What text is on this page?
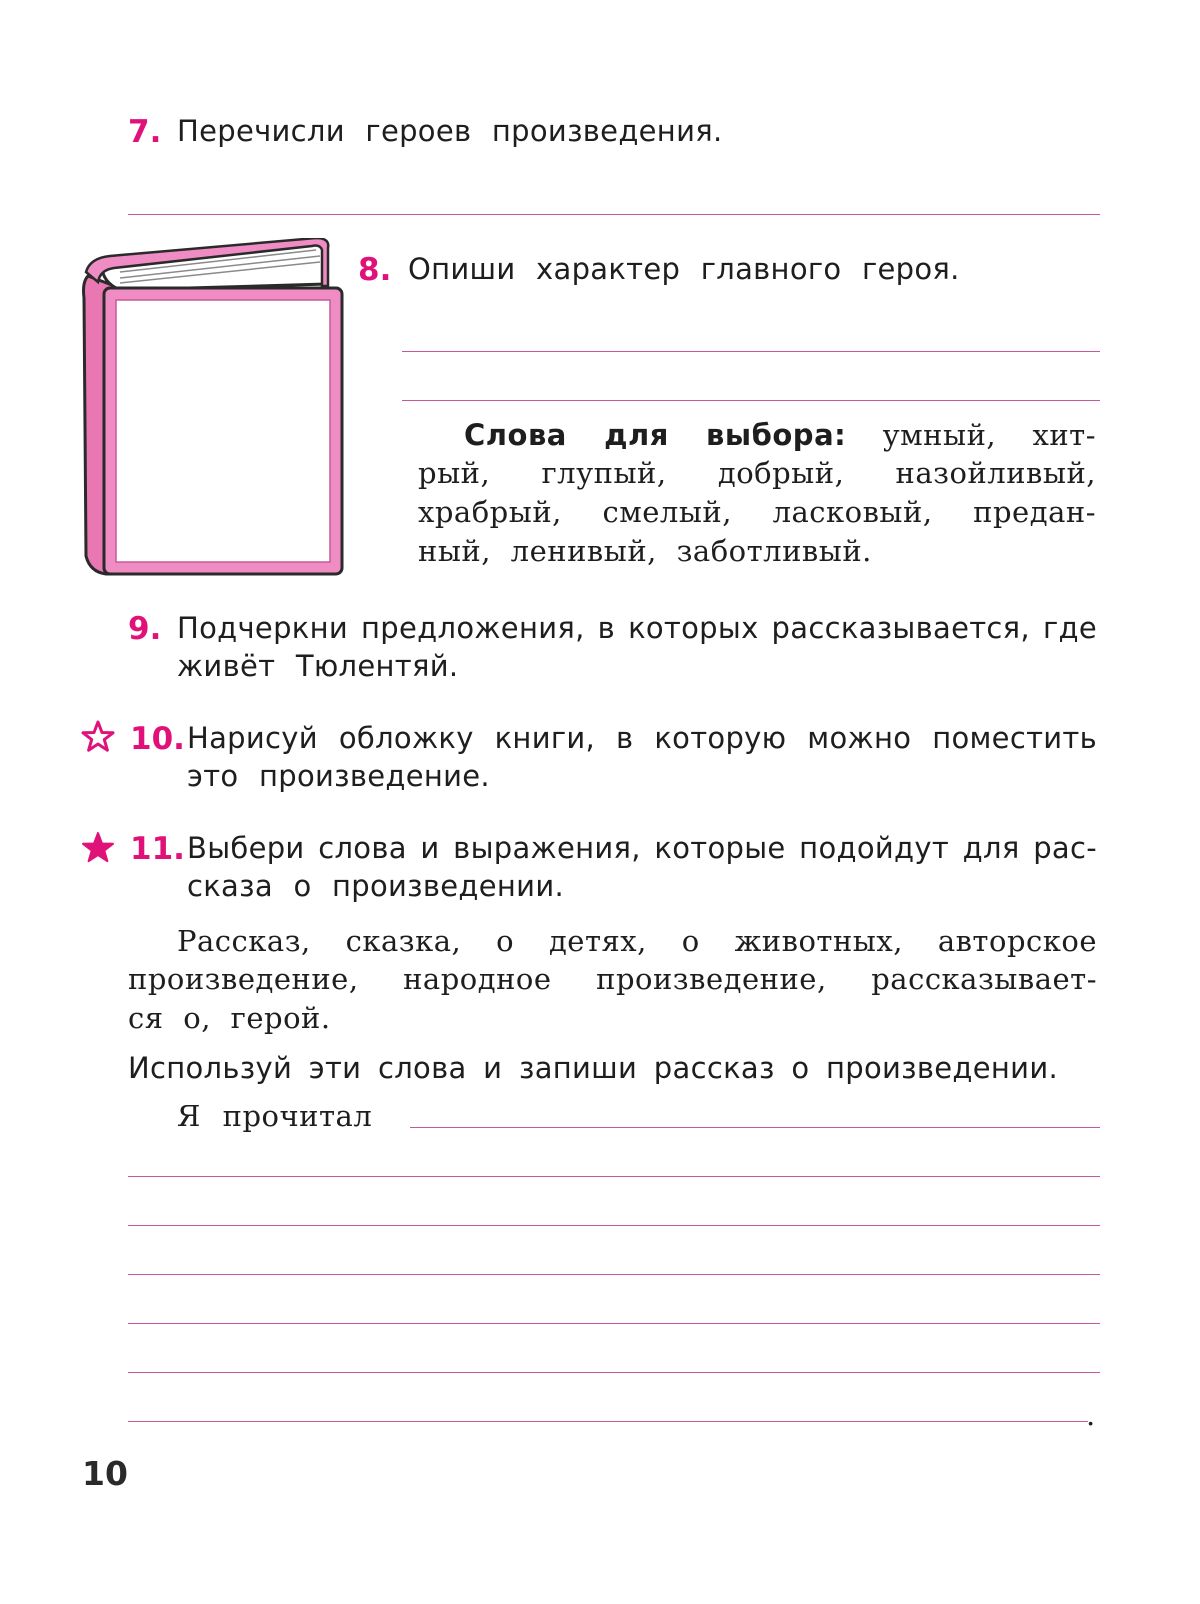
7. Перечисли героев произведения.
8. Опиши характер главного героя.
Слова для выбора: умный, хит-
рый, глупый, добрый, назойливый,
храбрый, смелый, ласковый, предан-
ный, ленивый, заботливый.
9. Подчеркни предложения, в которых рассказывается, где
живёт Тюлентяй.
10. Нарисуй обложку книги, в которую можно поместить
это произведение.
11. Выбери слова и выражения, которые подойдут для рас-
сказа о произведении.
Рассказ, сказка, о детях, о животных, авторское
произведение, народное произведение, рассказывает-
ся о, герой.
Используй эти слова и запиши рассказ о произведении.
Я прочитал
.
10
